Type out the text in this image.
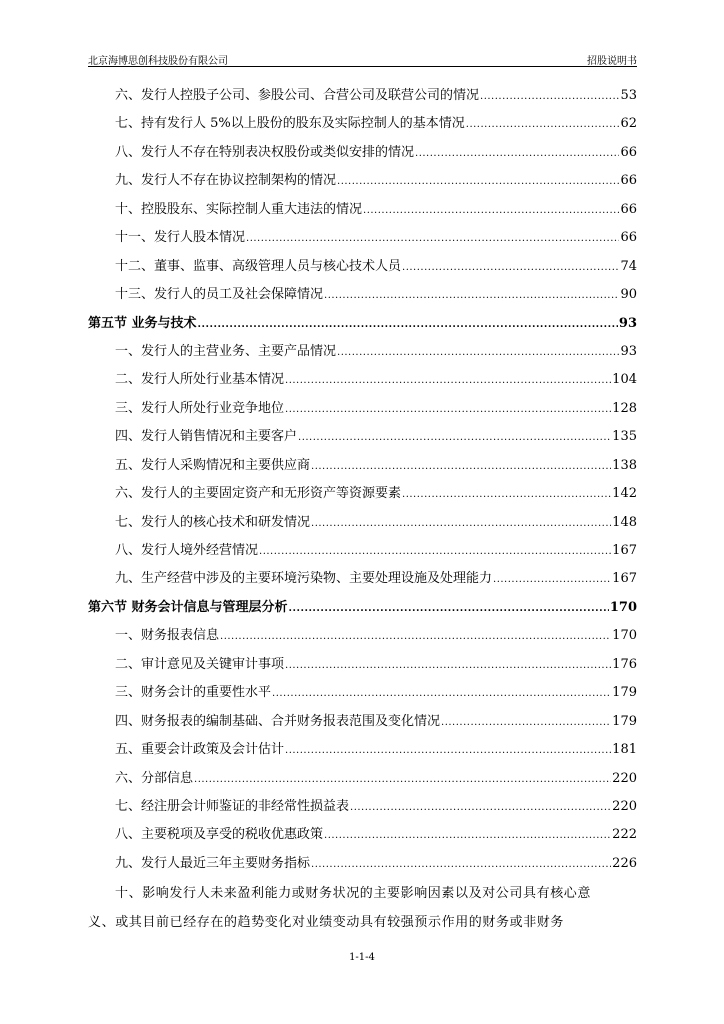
北京海博思创科技股份有限公司	招股说明书
六、发行人控股子公司、参股公司、合营公司及联营公司的情况 .....	53
七、持有发行人 5%以上股份的股东及实际控制人的基本情况 .....	62
八、发行人不存在特别表决权股份或类似安排的情况 .....	66
九、发行人不存在协议控制架构的情况 .....	66
十、控股股东、实际控制人重大违法的情况 .....	66
十一、发行人股本情况 .....	66
十二、董事、监事、高级管理人员与核心技术人员 .....	74
十三、发行人的员工及社会保障情况 .....	90
第五节 业务与技术 .....	93
一、发行人的主营业务、主要产品情况 .....	93
二、发行人所处行业基本情况 .....	104
三、发行人所处行业竞争地位 .....	128
四、发行人销售情况和主要客户 .....	135
五、发行人采购情况和主要供应商 .....	138
六、发行人的主要固定资产和无形资产等资源要素 .....	142
七、发行人的核心技术和研发情况 .....	148
八、发行人境外经营情况 .....	167
九、生产经营中涉及的主要环境污染物、主要处理设施及处理能力 .....	167
第六节 财务会计信息与管理层分析 .....	170
一、财务报表信息 .....	170
二、审计意见及关键审计事项 .....	176
三、财务会计的重要性水平 .....	179
四、财务报表的编制基础、合并财务报表范围及变化情况 .....	179
五、重要会计政策及会计估计 .....	181
六、分部信息 .....	220
七、经注册会计师鉴证的非经常性损益表 .....	220
八、主要税项及享受的税收优惠政策 .....	222
九、发行人最近三年主要财务指标 .....	226
十、影响发行人未来盈利能力或财务状况的主要影响因素以及对公司具有核心意
义、或其目前已经存在的趋势变化对业绩变动具有较强预示作用的财务或非财务
1-1-4
